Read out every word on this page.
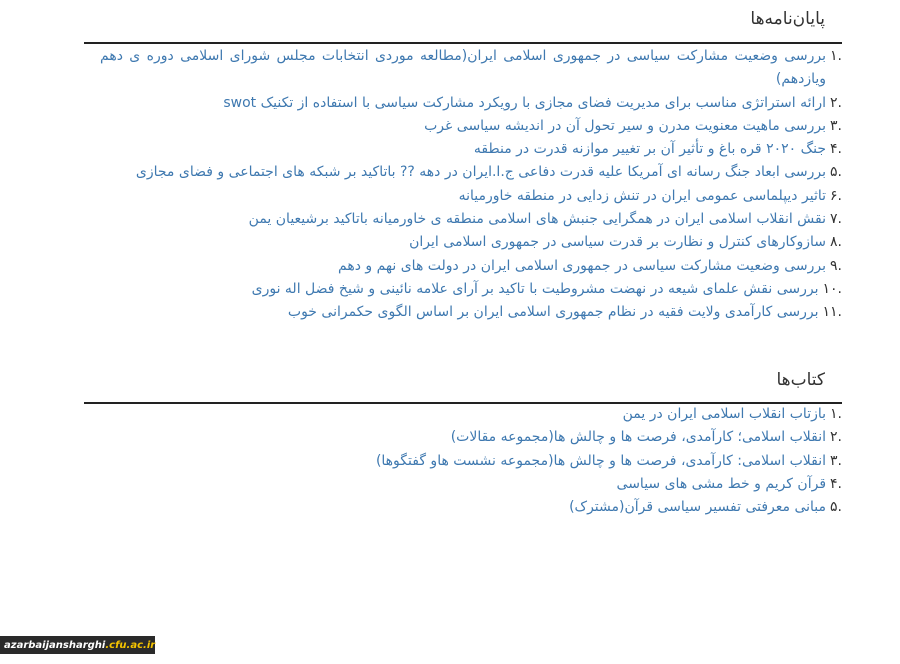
پایان‌نامه‌ها
.۱
بررسی وضعیت مشارکت سیاسی در جمهوری اسلامی ایران(مطالعه موردی انتخابات مجلس شورای اسلامی دوره ی دهم ویازدهم)
.۲
ارائه استراتژی مناسب برای مدیریت فضای مجازی با رویکرد مشارکت سیاسی با استفاده از تکنیک swot
.۳
بررسی ماهیت معنویت مدرن و سیر تحول آن در اندیشه سیاسی غرب
.۴
جنگ ۲۰۲۰ قره باغ و تأثیر آن بر تغییر موازنه قدرت در منطقه
.۵
بررسی ابعاد جنگ رسانه ای آمریکا علیه قدرت دفاعی ج.ا.ایران در دهه ?? باتاکید بر شبکه های اجتماعی و فضای مجازی
.۶
تاثیر دیپلماسی عمومی ایران در تنش زدایی در منطقه خاورمیانه
.۷
نقش انقلاب اسلامی ایران در همگرایی جنبش های اسلامی منطقه ی خاورمیانه باتاکید برشیعیان یمن
.۸
سازوکارهای کنترل و نظارت بر قدرت سیاسی در جمهوری اسلامی ایران
.۹
بررسی وضعیت مشارکت سیاسی در جمهوری اسلامی ایران در دولت های نهم و دهم
.۱۰
بررسی نقش علمای شیعه در نهضت مشروطیت با تاکید بر آرای علامه نائینی و شیخ فضل اله نوری
.۱۱
بررسی کارآمدی ولایت فقیه در نظام جمهوری اسلامی ایران بر اساس الگوی حکمرانی خوب
کتاب‌ها
.۱
بازتاب انقلاب اسلامی ایران در یمن
.۲
انقلاب اسلامی؛ کارآمدی، فرصت ها و چالش ها(مجموعه مقالات)
.۳
انقلاب اسلامی: کارآمدی، فرصت ها و چالش ها(مجموعه نشست هاو گفتگوها)
.۴
قرآن کریم و خط مشی های سیاسی
.۵
مبانی معرفتی تفسیر سیاسی قرآن(مشترک)
azarbaijansharghi .cfu.ac.ir
